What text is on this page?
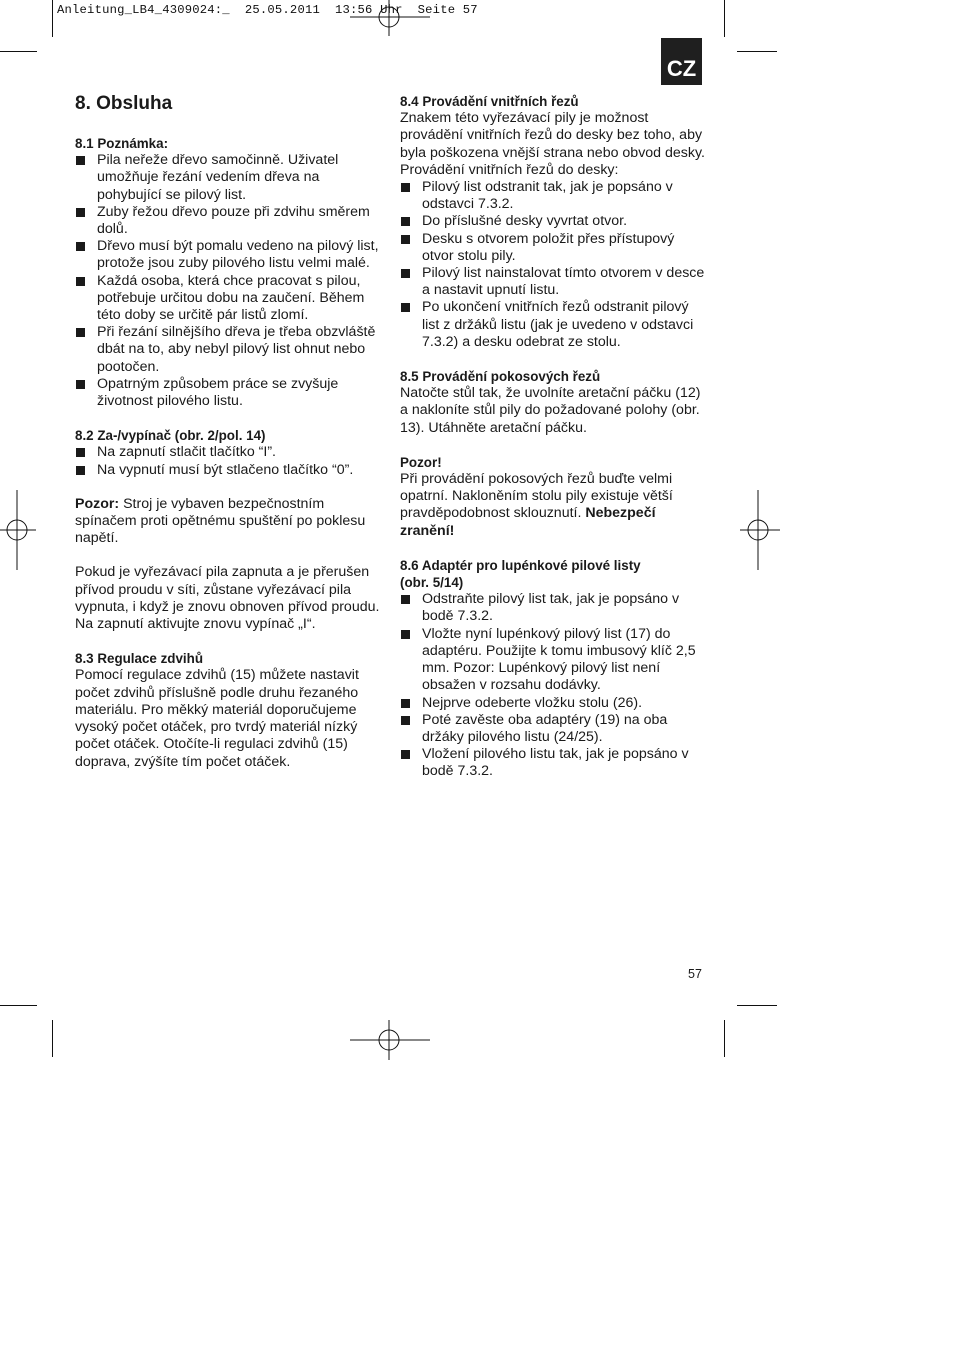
Anleitung_LB4_4309024:_  25.05.2011  13:56 Uhr  Seite 57
CZ
8. Obsluha
8.1 Poznámka:
Pila neřeže dřevo samočinně. Uživatel umožňuje řezání vedením dřeva na pohybující se pilový list.
Zuby řežou dřevo pouze při zdvihu směrem dolů.
Dřevo musí být pomalu vedeno na pilový list, protože jsou zuby pilového listu velmi malé.
Každá osoba, která chce pracovat s pilou, potřebuje určitou dobu na zaučení. Během této doby se určitě pár listů zlomí.
Při řezání silnějšího dřeva je třeba obzvláště dbát na to, aby nebyl pilový list ohnut nebo pootočen.
Opatrným způsobem práce se zvyšuje životnost pilového listu.
8.2 Za-/vypínač (obr. 2/pol. 14)
Na zapnutí stlačit tlačítko “I”.
Na vypnutí musí být stlačeno tlačítko “0”.

Pozor: Stroj je vybaven bezpečnostním spínačem proti opětnému spuštění po poklesu napětí.

Pokud je vyřezávací pila zapnuta a je přerušen přívod proudu v síti, zůstane vyřezávací pila vypnuta, i když je znovu obnoven přívod proudu. Na zapnutí aktivujte znovu vypínač „I“.

8.3 Regulace zdvihů

Pomocí regulace zdvihů (15) můžete nastavit počet zdvihů příslušně podle druhu řezaného materiálu. Pro měkký materiál doporučujeme vysoký počet otáček, pro tvrdý materiál nízký počet otáček. Otočíte-li regulaci zdvihů (15) doprava, zvýšíte tím počet otáček.

8.4 Provádění vnitřních řezů

Znakem této vyřezávací pily je možnost provádění vnitřních řezů do desky bez toho, aby byla poškozena vnější strana nebo obvod desky.

Provádění vnitřních řezů do desky:

Pilový list odstranit tak, jak je popsáno v odstavci 7.3.2.
Do příslušné desky vyvrtat otvor.
Desku s otvorem položit přes přístupový otvor stolu pily.
Pilový list nainstalovat tímto otvorem v desce a nastavit upnutí listu.
Po ukončení vnitřních řezů odstranit pilový list z držáků listu (jak je uvedeno v odstavci 7.3.2) a desku odebrat ze stolu.
8.5 Provádění pokosových řezů

Natočte stůl tak, že uvolníte aretační páčku (12) a nakloníte stůl pily do požadované polohy (obr. 13). Utáhněte aretační páčku.

Pozor!

Při provádění pokosových řezů buďte velmi opatrní. Nakloněním stolu pily existuje větší pravděpodobnost sklouznutí. Nebezpečí zranění!

8.6 Adaptér pro lupénkové pilové listy (obr. 5/14)
Odstraňte pilový list tak, jak je popsáno v bodě 7.3.2.
Vložte nyní lupénkový pilový list (17) do adaptéru. Použijte k tomu imbusový klíč 2,5 mm. Pozor: Lupénkový pilový list není obsažen v rozsahu dodávky.
Nejprve odeberte vložku stolu (26).
Poté zavěste oba adaptéry (19) na oba držáky pilového listu (24/25).
Vložení pilového listu tak, jak je popsáno v bodě 7.3.2.
57
